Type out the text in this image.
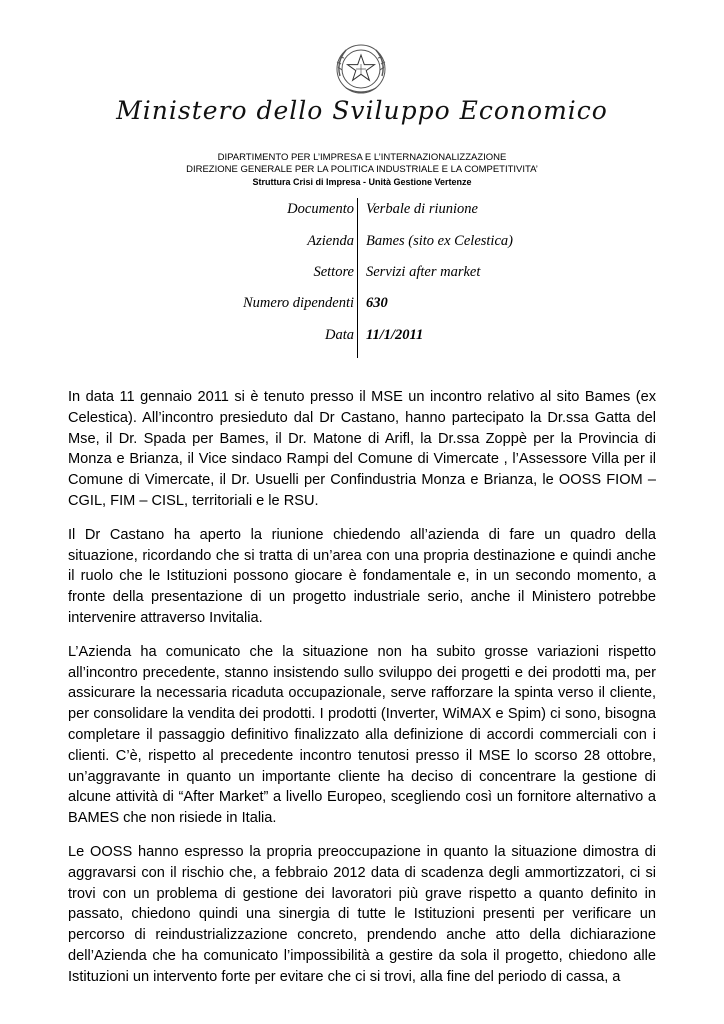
Ministero dello Sviluppo Economico
DIPARTIMENTO PER L’IMPRESA E L’INTERNAZIONALIZZAZIONE
DIREZIONE GENERALE PER LA POLITICA INDUSTRIALE E LA COMPETITIVITA’
Struttura Crisi di Impresa - Unità Gestione Vertenze
Documento Verbale di riunione
Azienda Bames (sito ex Celestica)
Settore Servizi after market
Numero dipendenti 630
Data 11/1/2011

In data 11 gennaio 2011 si è tenuto presso il MSE un incontro relativo al sito Bames (ex Celestica). All’incontro presieduto dal Dr Castano, hanno partecipato la Dr.ssa Gatta del Mse, il Dr. Spada per Bames, il Dr. Matone di Arifl, la Dr.ssa Zoppè per la Provincia di Monza e Brianza, il Vice sindaco Rampi del Comune di Vimercate , l’Assessore Villa per il Comune di Vimercate, il Dr. Usuelli per Confindustria Monza e Brianza, le OOSS FIOM – CGIL, FIM – CISL, territoriali e le RSU.

Il Dr Castano ha aperto la riunione chiedendo all’azienda di fare un quadro della situazione, ricordando che si tratta di un’area con una propria destinazione e quindi anche il ruolo che le Istituzioni possono giocare è fondamentale e, in un secondo momento, a fronte della presentazione di un progetto industriale serio, anche il Ministero potrebbe intervenire attraverso Invitalia.

L’Azienda ha comunicato che la situazione non ha subito grosse variazioni rispetto all’incontro precedente, stanno insistendo sullo sviluppo dei progetti e dei prodotti ma, per assicurare la necessaria ricaduta occupazionale, serve rafforzare la spinta verso il cliente, per consolidare la vendita dei prodotti. I prodotti (Inverter, WiMAX e Spim) ci sono, bisogna completare il passaggio definitivo finalizzato alla definizione di accordi commerciali con i clienti. C’è, rispetto al precedente incontro tenutosi presso il MSE lo scorso 28 ottobre, un’aggravante in quanto un importante cliente ha deciso di concentrare la gestione di alcune attività di “After Market” a livello Europeo, scegliendo così un fornitore alternativo a BAMES che non risiede in Italia.

Le OOSS hanno espresso la propria preoccupazione in quanto la situazione dimostra di aggravarsi con il rischio che, a febbraio 2012 data di scadenza degli ammortizzatori, ci si trovi con un problema di gestione dei lavoratori più grave rispetto a quanto definito in passato, chiedono quindi una sinergia di tutte le Istituzioni presenti per verificare un percorso di reindustrializzazione concreto, prendendo anche atto della dichiarazione dell’Azienda che ha comunicato l’impossibilità a gestire da sola il progetto, chiedono alle Istituzioni un intervento forte per evitare che ci si trovi, alla fine del periodo di cassa, a
